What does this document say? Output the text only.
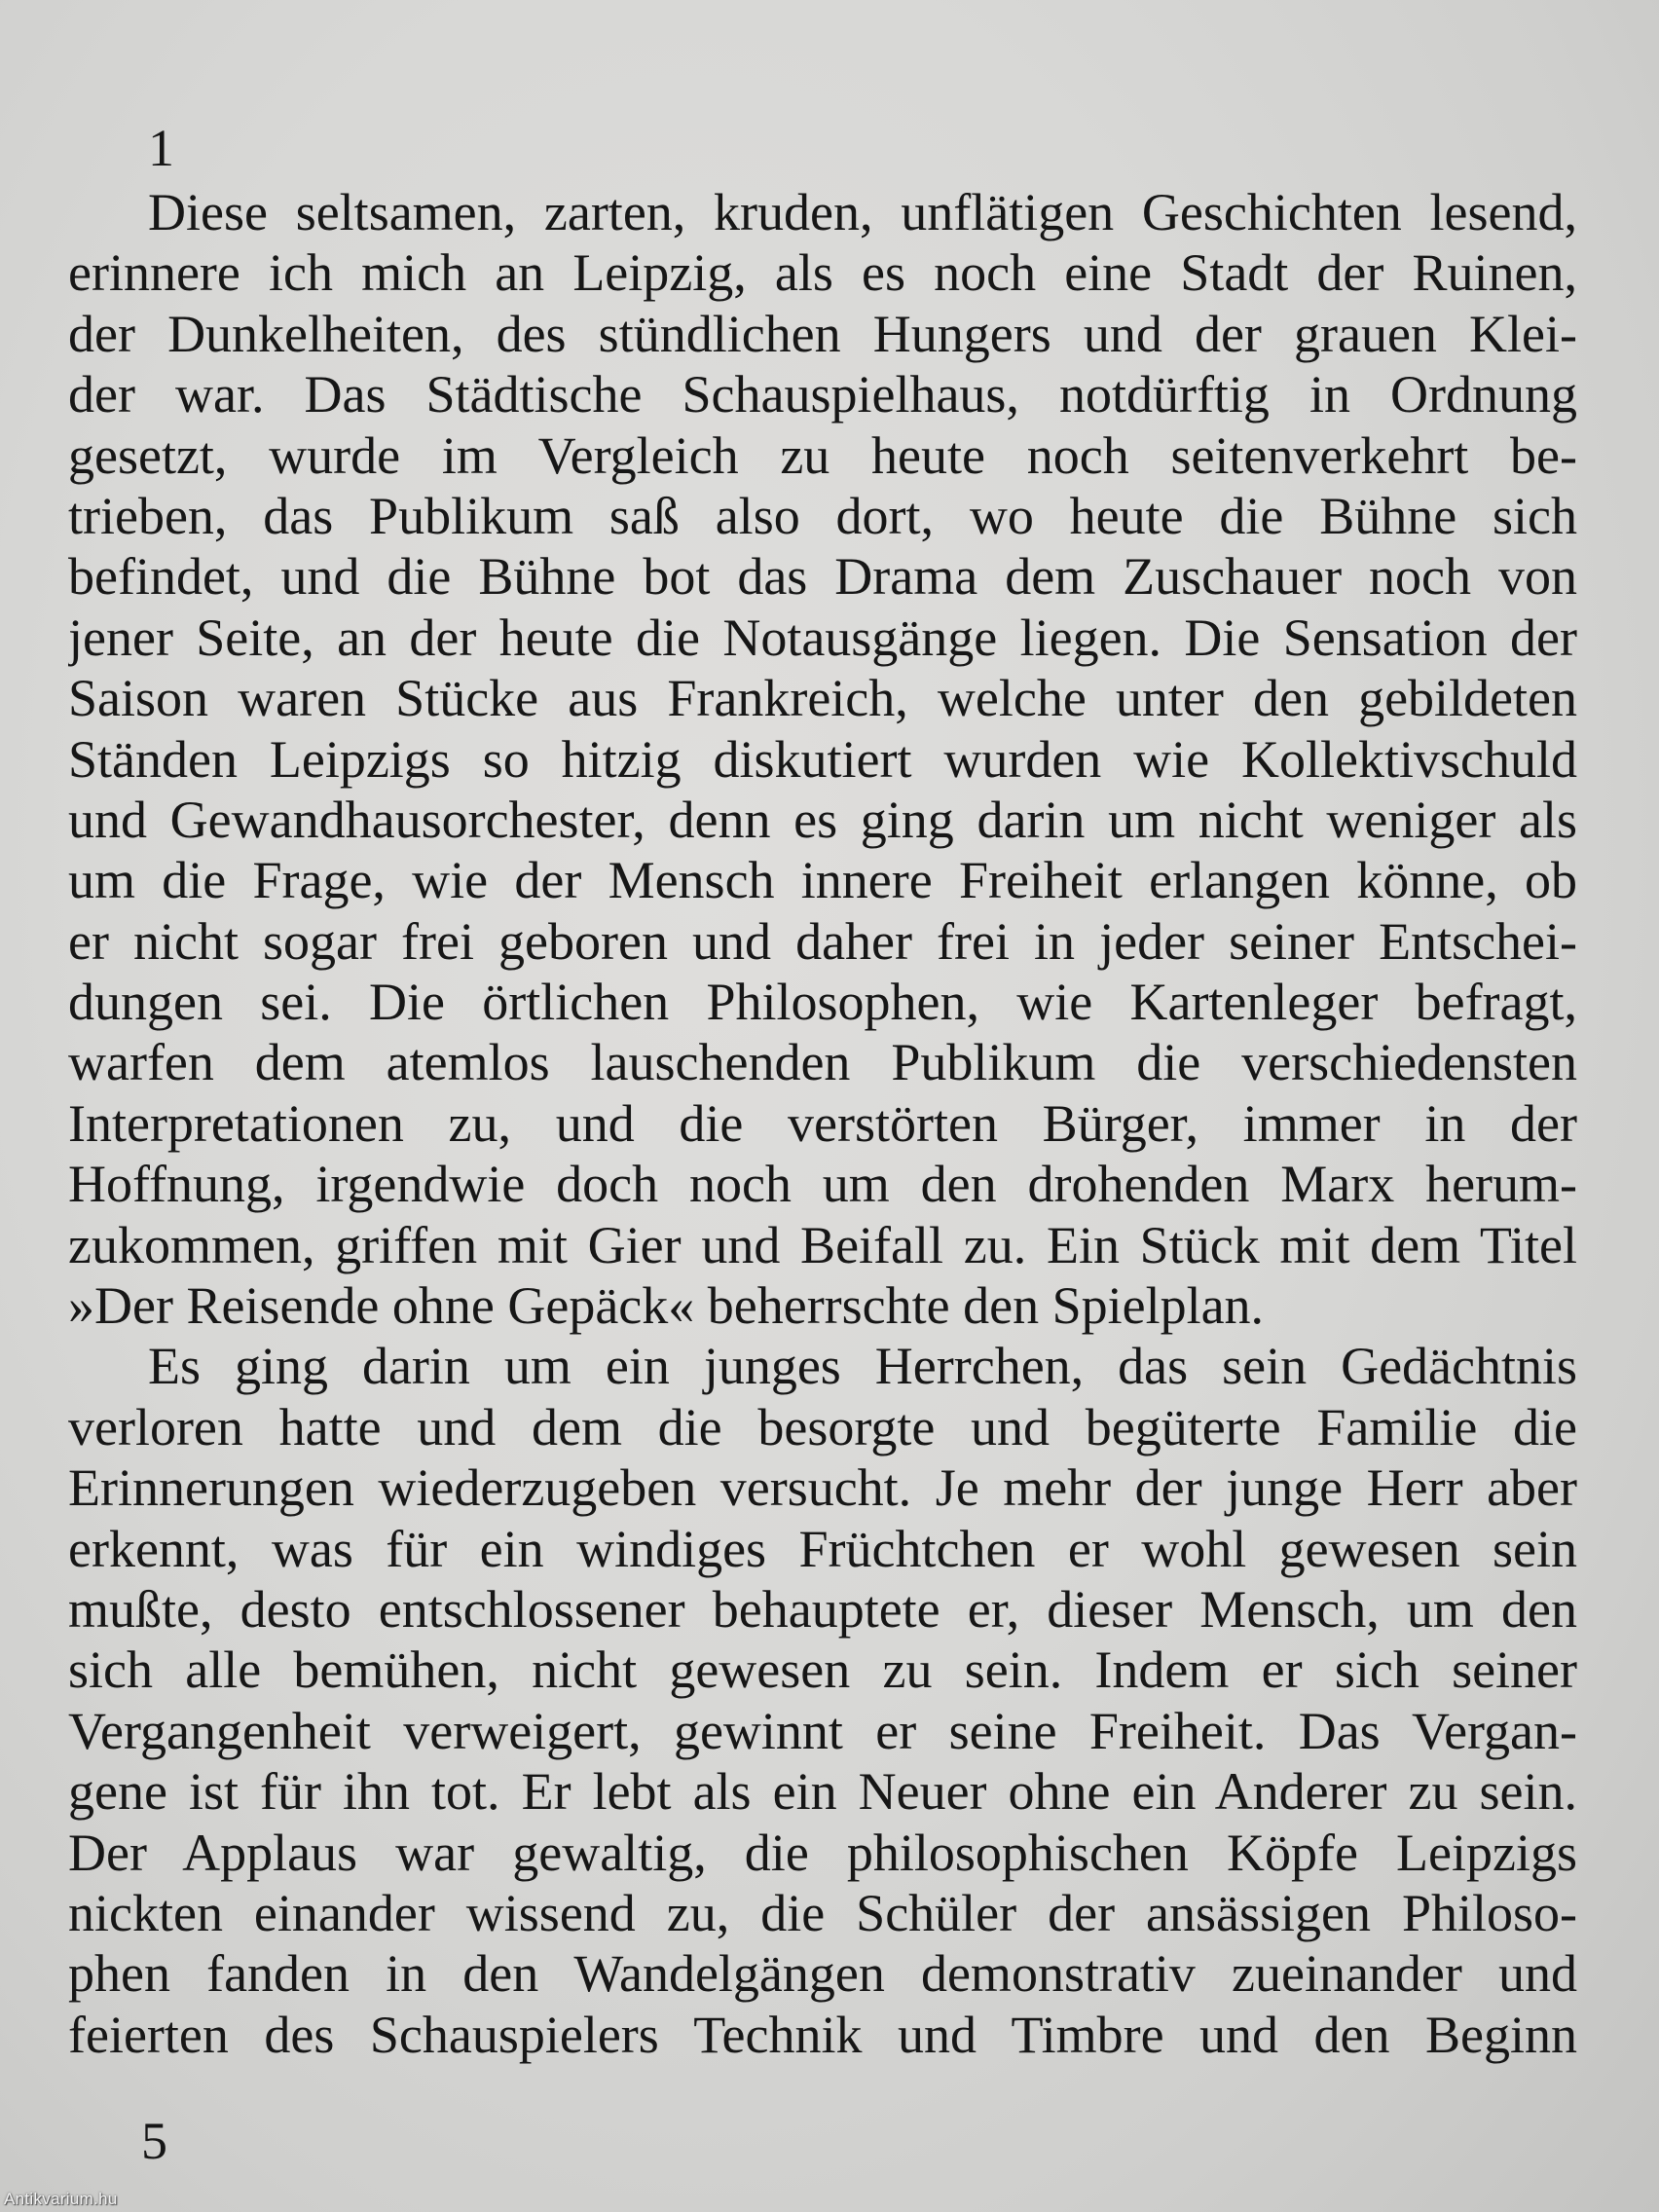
1
Diese seltsamen, zarten, kruden, unflätigen Geschichten lesend,
erinnere ich mich an Leipzig, als es noch eine Stadt der Ruinen,
der Dunkelheiten, des stündlichen Hungers und der grauen Klei-
der war. Das Städtische Schauspielhaus, notdürftig in Ordnung
gesetzt, wurde im Vergleich zu heute noch seitenverkehrt be-
trieben, das Publikum saß also dort, wo heute die Bühne sich
befindet, und die Bühne bot das Drama dem Zuschauer noch von
jener Seite, an der heute die Notausgänge liegen. Die Sensation der
Saison waren Stücke aus Frankreich, welche unter den gebildeten
Ständen Leipzigs so hitzig diskutiert wurden wie Kollektivschuld
und Gewandhausorchester, denn es ging darin um nicht weniger als
um die Frage, wie der Mensch innere Freiheit erlangen könne, ob
er nicht sogar frei geboren und daher frei in jeder seiner Entschei-
dungen sei. Die örtlichen Philosophen, wie Kartenleger befragt,
warfen dem atemlos lauschenden Publikum die verschiedensten
Interpretationen zu, und die verstörten Bürger, immer in der
Hoffnung, irgendwie doch noch um den drohenden Marx herum-
zukommen, griffen mit Gier und Beifall zu. Ein Stück mit dem Titel
»Der Reisende ohne Gepäck« beherrschte den Spielplan.
Es ging darin um ein junges Herrchen, das sein Gedächtnis
verloren hatte und dem die besorgte und begüterte Familie die
Erinnerungen wiederzugeben versucht. Je mehr der junge Herr aber
erkennt, was für ein windiges Früchtchen er wohl gewesen sein
mußte, desto entschlossener behauptete er, dieser Mensch, um den
sich alle bemühen, nicht gewesen zu sein. Indem er sich seiner
Vergangenheit verweigert, gewinnt er seine Freiheit. Das Vergan-
gene ist für ihn tot. Er lebt als ein Neuer ohne ein Anderer zu sein.
Der Applaus war gewaltig, die philosophischen Köpfe Leipzigs
nickten einander wissend zu, die Schüler der ansässigen Philoso-
phen fanden in den Wandelgängen demonstrativ zueinander und
feierten des Schauspielers Technik und Timbre und den Beginn
5
Antikvarium.hu
